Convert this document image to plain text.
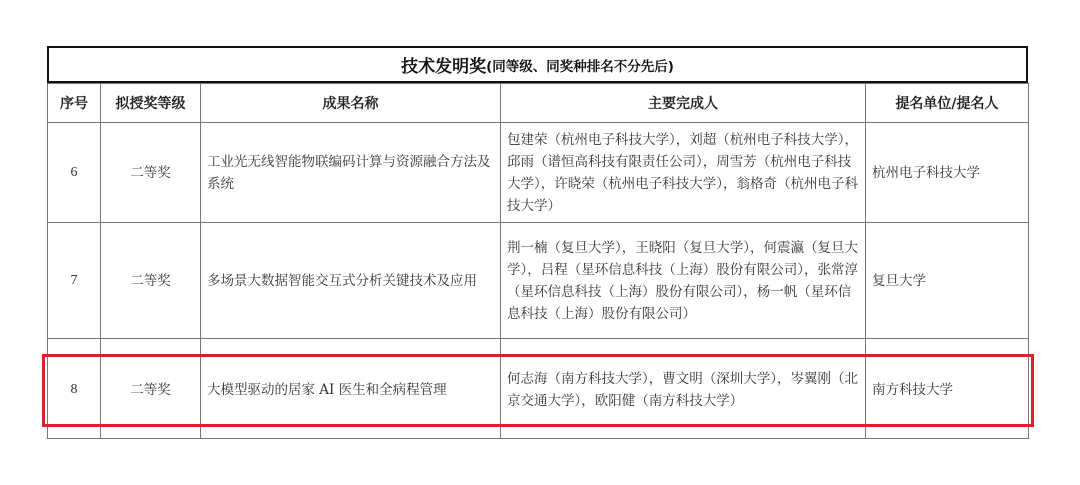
技术发明奖 (同等级、同奖种排名不分先后)
序号	拟授奖等级	成果名称	主要完成人	提名单位/提名人
6	二等奖	工业光无线智能物联编码计算与资源融合方法及系统	包建荣（杭州电子科技大学），刘超（杭州电子科技大学），邱雨（谱恒高科技有限责任公司），周雪芳（杭州电子科技大学），许晓荣（杭州电子科技大学），翁格奇（杭州电子科技大学）	杭州电子科技大学
7	二等奖	多场景大数据智能交互式分析关键技术及应用	荆一楠（复旦大学），王晓阳（复旦大学），何震瀛（复旦大学），吕程（星环信息科技（上海）股份有限公司），张常淳（星环信息科技（上海）股份有限公司），杨一帆（星环信息科技（上海）股份有限公司）	复旦大学

8	二等奖	大模型驱动的居家 AI 医生和全病程管理	何志海（南方科技大学），曹文明（深圳大学），岑翼刚（北京交通大学），欧阳健（南方科技大学）	南方科技大学
